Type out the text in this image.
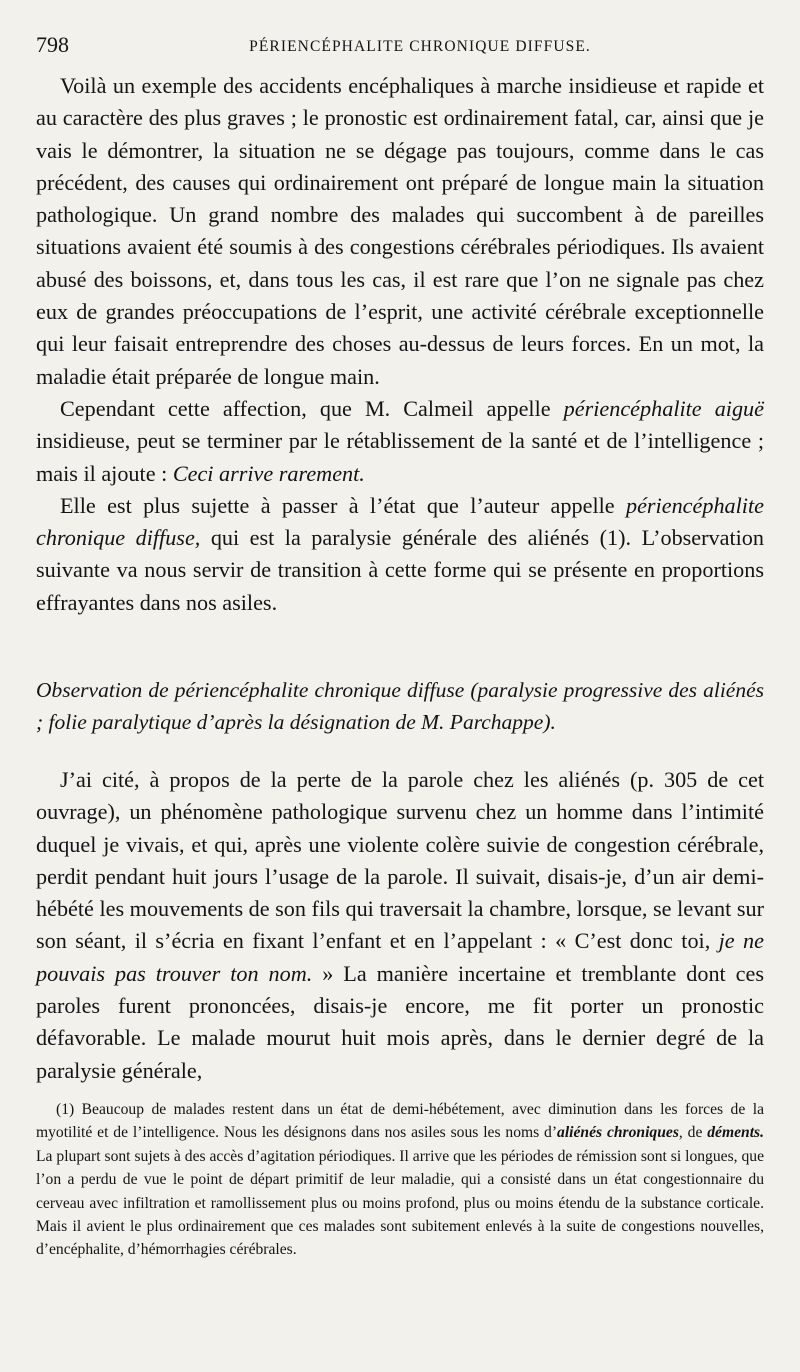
798	PÉRIENCÉPHALITE CHRONIQUE DIFFUSE.

Voilà un exemple des accidents encéphaliques à marche insidieuse et rapide et au caractère des plus graves ; le pronostic est ordinairement fatal, car, ainsi que je vais le démontrer, la situation ne se dégage pas toujours, comme dans le cas précédent, des causes qui ordinairement ont préparé de longue main la situation pathologique. Un grand nombre des malades qui succombent à de pareilles situations avaient été soumis à des congestions cérébrales périodiques. Ils avaient abusé des boissons, et, dans tous les cas, il est rare que l’on ne signale pas chez eux de grandes préoccupations de l’esprit, une activité cérébrale exceptionnelle qui leur faisait entreprendre des choses au-dessus de leurs forces. En un mot, la maladie était préparée de longue main.

Cependant cette affection, que M. Calmeil appelle périencéphalite aiguë insidieuse, peut se terminer par le rétablissement de la santé et de l’intelligence ; mais il ajoute : Ceci arrive rarement.

Elle est plus sujette à passer à l’état que l’auteur appelle périencéphalite chronique diffuse, qui est la paralysie générale des aliénés (1). L’observation suivante va nous servir de transition à cette forme qui se présente en proportions effrayantes dans nos asiles.

Observation de périencéphalite chronique diffuse (paralysie progressive des aliénés ; folie paralytique d’après la désignation de M. Parchappe).

J’ai cité, à propos de la perte de la parole chez les aliénés (p. 305 de cet ouvrage), un phénomène pathologique survenu chez un homme dans l’intimité duquel je vivais, et qui, après une violente colère suivie de congestion cérébrale, perdit pendant huit jours l’usage de la parole. Il suivait, disais-je, d’un air demi-hébété les mouvements de son fils qui traversait la chambre, lorsque, se levant sur son séant, il s’écria en fixant l’enfant et en l’appelant : « C’est donc toi, je ne pouvais pas trouver ton nom. » La manière incertaine et tremblante dont ces paroles furent prononcées, disais-je encore, me fit porter un pronostic défavorable. Le malade mourut huit mois après, dans le dernier degré de la paralysie générale,

(1) Beaucoup de malades restent dans un état de demi-hébétement, avec diminution dans les forces de la myotilité et de l’intelligence. Nous les désignons dans nos asiles sous les noms d’aliénés chroniques, de déments. La plupart sont sujets à des accès d’agitation périodiques. Il arrive que les périodes de rémission sont si longues, que l’on a perdu de vue le point de départ primitif de leur maladie, qui a consisté dans un état congestionnaire du cerveau avec infiltration et ramollissement plus ou moins profond, plus ou moins étendu de la substance corticale. Mais il avient le plus ordinairement que ces malades sont subitement enlevés à la suite de congestions nouvelles, d’encéphalite, d’hémorrhagies cérébrales.
